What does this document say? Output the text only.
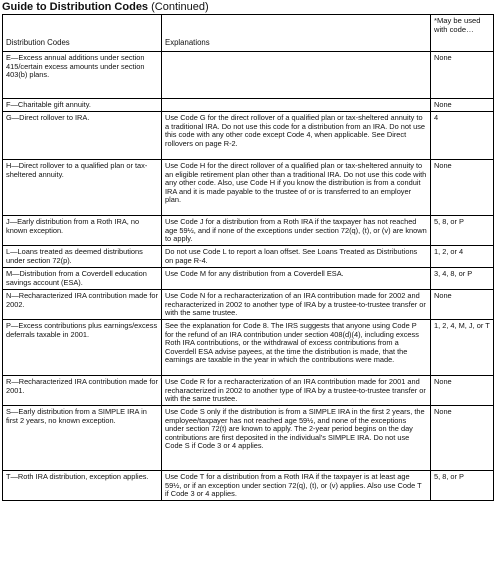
Guide to Distribution Codes (Continued)
Distribution Codes	Explanations	*May be used with code…
E—Excess annual additions under section 415/certain excess amounts under section 403(b) plans.		None
F—Charitable gift annuity.		None
G—Direct rollover to IRA.	Use Code G for the direct rollover of a qualified plan or tax-sheltered annuity to a traditional IRA. Do not use this code for a distribution from an IRA. Do not use this code with any other code except Code 4, when applicable. See Direct rollovers on page R-2.	4
H—Direct rollover to a qualified plan or tax-sheltered annuity.	Use Code H for the direct rollover of a qualified plan or tax-sheltered annuity to an eligible retirement plan other than a traditional IRA. Do not use this code with any other code. Also, use Code H if you know the distribution is from a conduit IRA and it is made payable to the trustee of or is transferred to an employer plan.	None
J—Early distribution from a Roth IRA, no known exception.	Use Code J for a distribution from a Roth IRA if the taxpayer has not reached age 59½, and if none of the exceptions under section 72(q), (t), or (v) are known to apply.	5, 8, or P
L—Loans treated as deemed distributions under section 72(p).	Do not use Code L to report a loan offset. See Loans Treated as Distributions on page R-4.	1, 2, or 4
M—Distribution from a Coverdell education savings account (ESA).	Use Code M for any distribution from a Coverdell ESA.	3, 4, 8, or P
N—Recharacterized IRA contribution made for 2002.	Use Code N for a recharacterization of an IRA contribution made for 2002 and recharacterized in 2002 to another type of IRA by a trustee-to-trustee transfer or with the same trustee.	None
P—Excess contributions plus earnings/excess deferrals taxable in 2001.	See the explanation for Code 8. The IRS suggests that anyone using Code P for the refund of an IRA contribution under section 408(d)(4), including excess Roth IRA contributions, or the withdrawal of excess contributions from a Coverdell ESA advise payees, at the time the distribution is made, that the earnings are taxable in the year in which the contributions were made.	1, 2, 4, M, J, or T
R—Recharacterized IRA contribution made for 2001.	Use Code R for a recharacterization of an IRA contribution made for 2001 and recharacterized in 2002 to another type of IRA by a trustee-to-trustee transfer or with the same trustee.	None
S—Early distribution from a SIMPLE IRA in first 2 years, no known exception.	Use Code S only if the distribution is from a SIMPLE IRA in the first 2 years, the employee/taxpayer has not reached age 59½, and none of the exceptions under section 72(t) are known to apply. The 2-year period begins on the day contributions are first deposited in the individual’s SIMPLE IRA. Do not use Code S if Code 3 or 4 applies.	None
T—Roth IRA distribution, exception applies.	Use Code T for a distribution from a Roth IRA if the taxpayer is at least age 59½, or if an exception under section 72(q), (t), or (v) applies. Also use Code T if Code 3 or 4 applies.	5, 8, or P
